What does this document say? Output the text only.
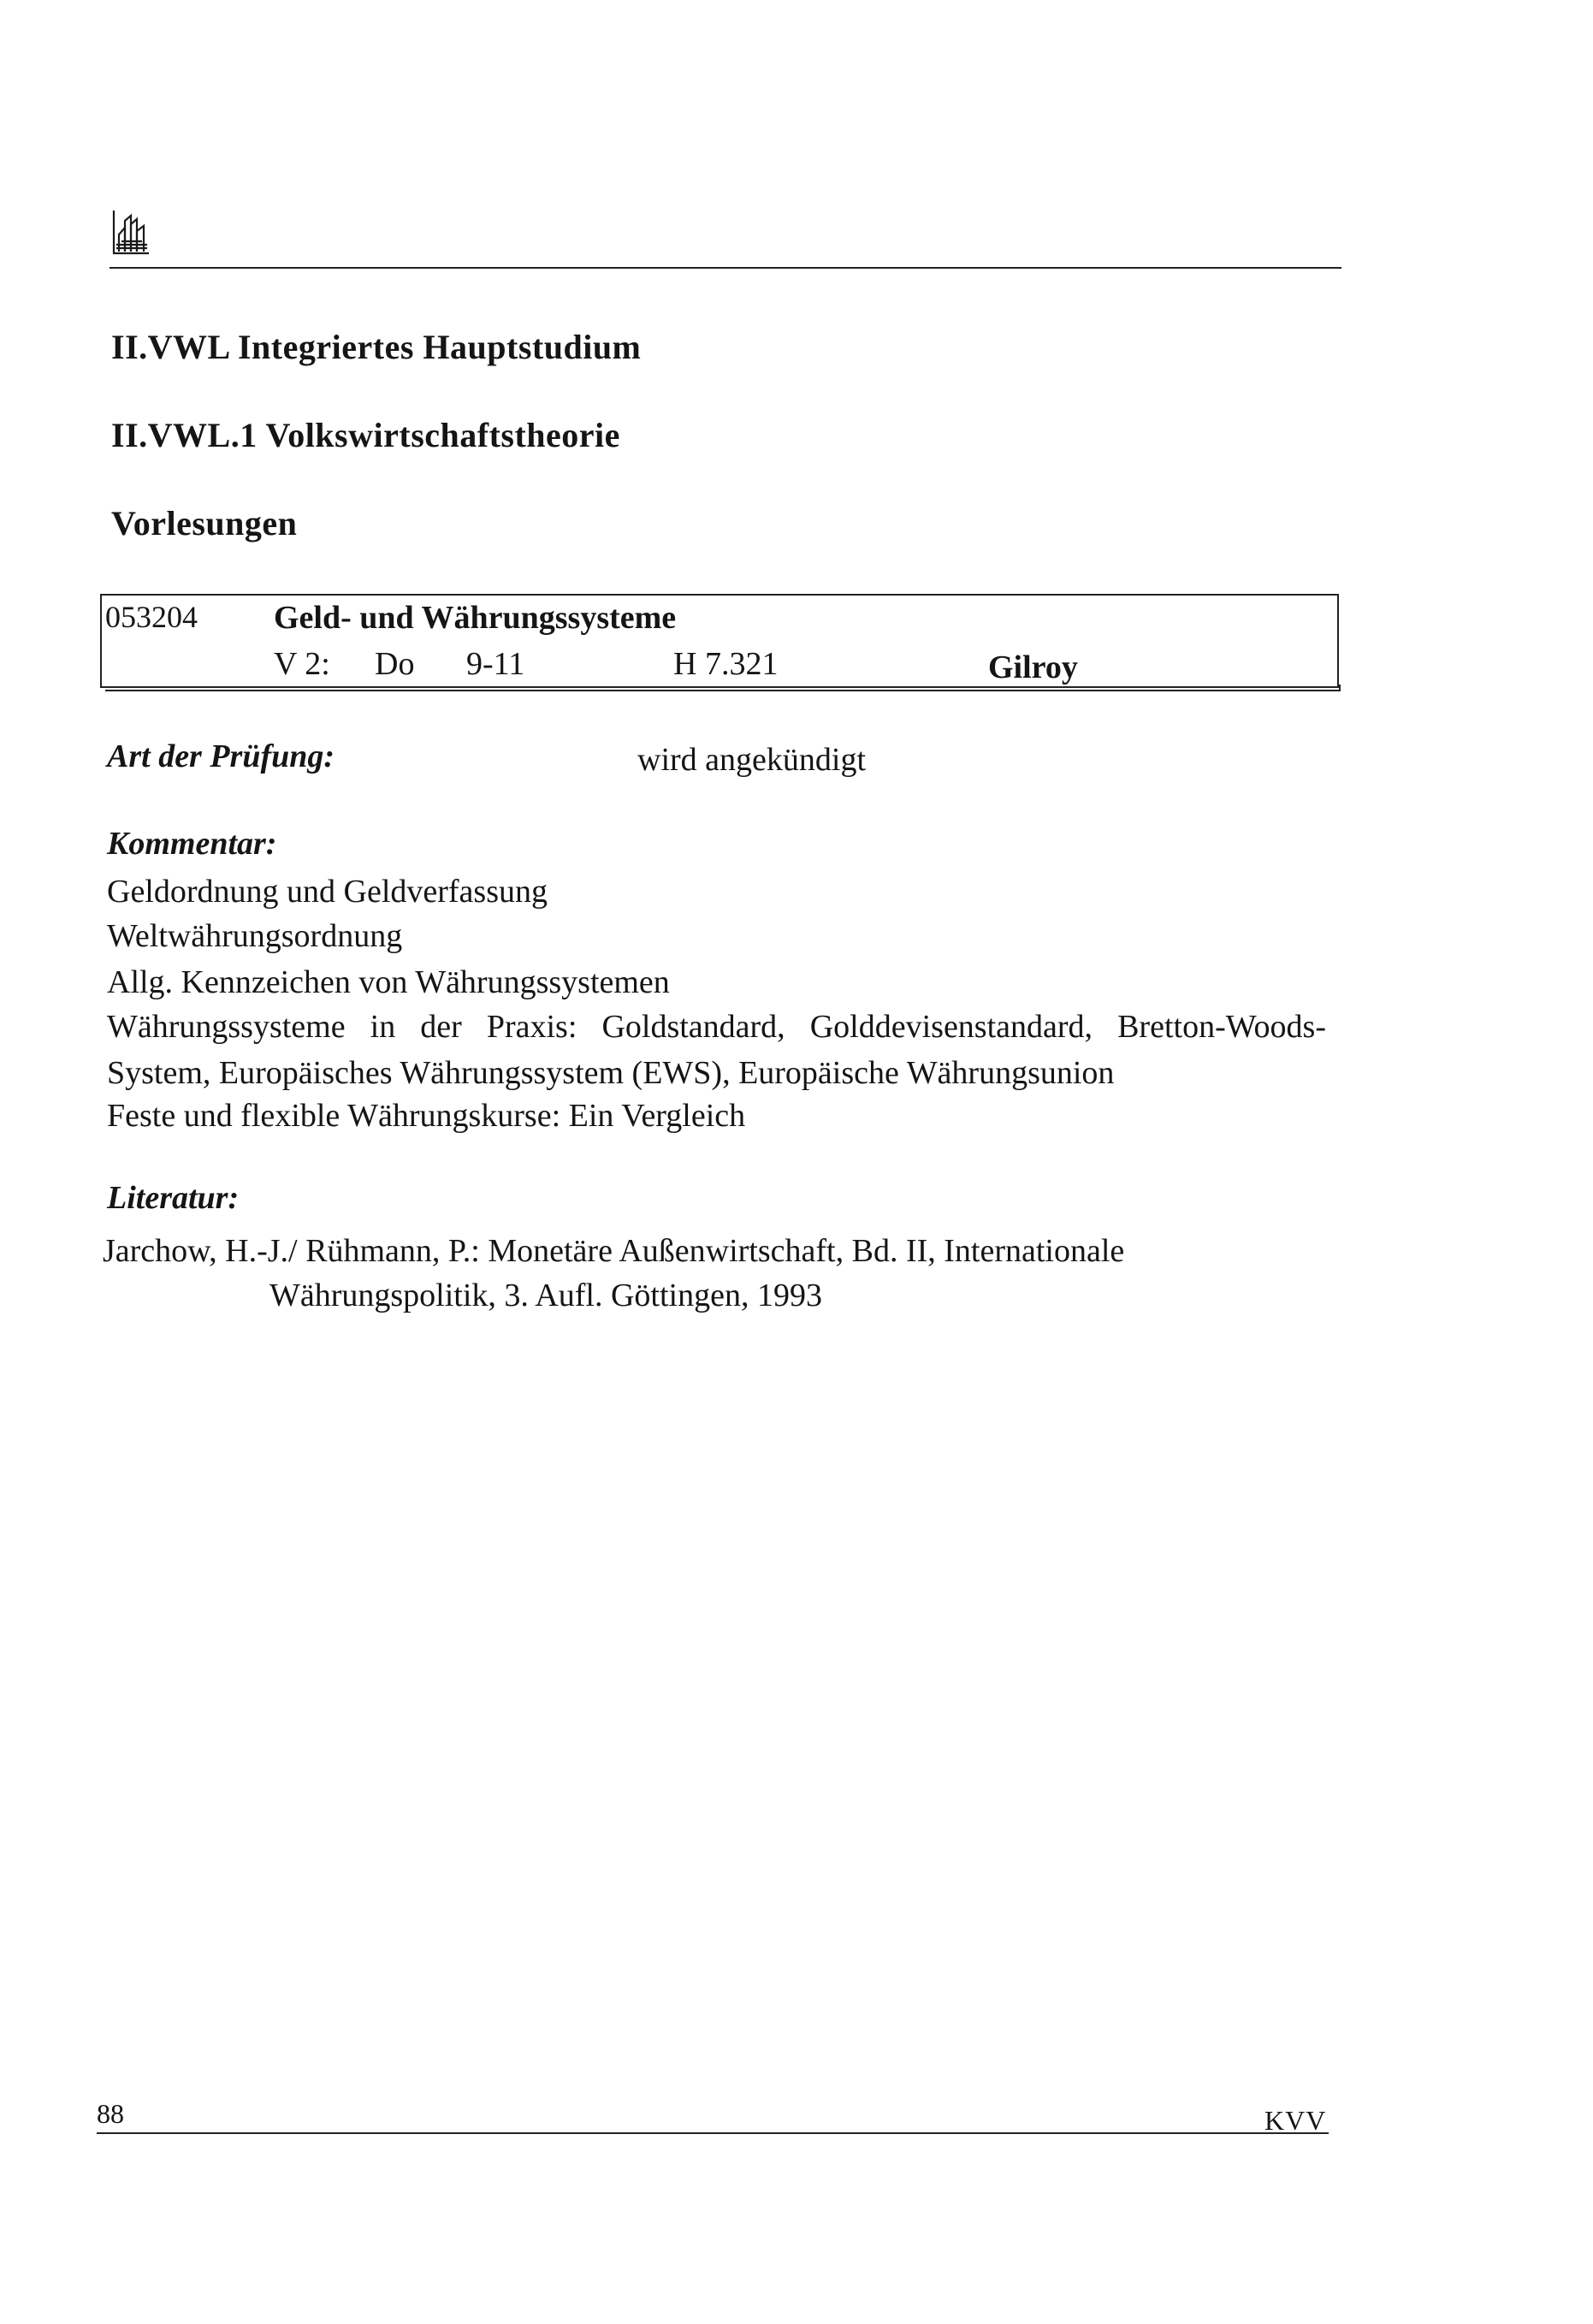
II.VWL Integriertes Hauptstudium
II.VWL.1 Volkswirtschaftstheorie
Vorlesungen
053204 Geld- und Währungssysteme
V 2: Do 9-11	H 7.321	Gilroy
Art der Prüfung:	wird angekündigt
Kommentar:
Geldordnung und Geldverfassung
Weltwährungsordnung
Allg. Kennzeichen von Währungssystemen
Währungssysteme in der Praxis: Goldstandard, Golddevisenstandard, Bretton-Woods-
System, Europäisches Währungssystem (EWS), Europäische Währungsunion
Feste und flexible Währungskurse: Ein Vergleich
Literatur:
Jarchow, H.-J./ Rühmann, P.: Monetäre Außenwirtschaft, Bd. II, Internationale
Währungspolitik, 3. Aufl. Göttingen, 1993
88	KVV
